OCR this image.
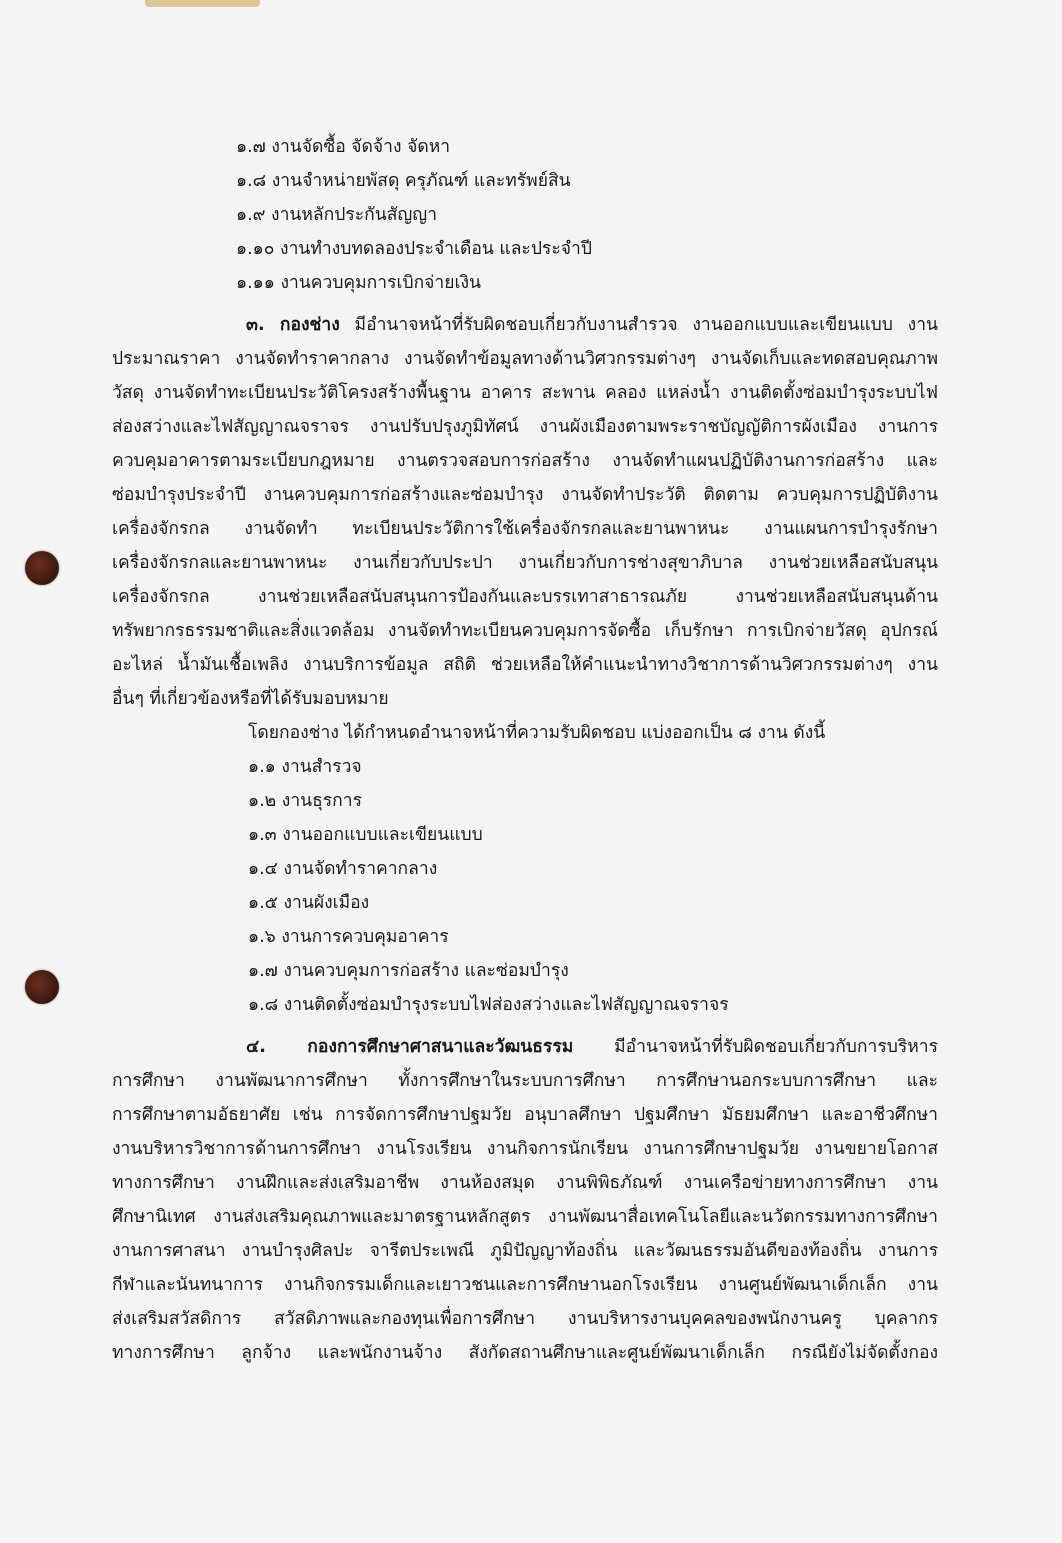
๑.๗ งานจัดซื้อ จัดจ้าง จัดหา
๑.๘ งานจำหน่ายพัสดุ ครุภัณฑ์ และทรัพย์สิน
๑.๙ งานหลักประกันสัญญา
๑.๑๐ งานทำงบทดลองประจำเดือน และประจำปี
๑.๑๑ งานควบคุมการเบิกจ่ายเงิน
๓. กองช่าง มีอำนาจหน้าที่รับผิดชอบเกี่ยวกับงานสำรวจ งานออกแบบและเขียนแบบ งาน
ประมาณราคา งานจัดทำราคากลาง งานจัดทำข้อมูลทางด้านวิศวกรรมต่างๆ งานจัดเก็บและทดสอบคุณภาพ
วัสดุ งานจัดทำทะเบียนประวัติโครงสร้างพื้นฐาน อาคาร สะพาน คลอง แหล่งน้ำ งานติดตั้งซ่อมบำรุงระบบไฟ
ส่องสว่างและไฟสัญญาณจราจร งานปรับปรุงภูมิทัศน์ งานผังเมืองตามพระราชบัญญัติการผังเมือง งานการ
ควบคุมอาคารตามระเบียบกฎหมาย งานตรวจสอบการก่อสร้าง งานจัดทำแผนปฏิบัติงานการก่อสร้าง และ
ซ่อมบำรุงประจำปี งานควบคุมการก่อสร้างและซ่อมบำรุง งานจัดทำประวัติ ติดตาม ควบคุมการปฏิบัติงาน
เครื่องจักรกล งานจัดทำ ทะเบียนประวัติการใช้เครื่องจักรกลและยานพาหนะ งานแผนการบำรุงรักษา
เครื่องจักรกลและยานพาหนะ งานเกี่ยวกับประปา งานเกี่ยวกับการช่างสุขาภิบาล งานช่วยเหลือสนับสนุน
เครื่องจักรกล งานช่วยเหลือสนับสนุนการป้องกันและบรรเทาสาธารณภัย งานช่วยเหลือสนับสนุนด้าน
ทรัพยากรธรรมชาติและสิ่งแวดล้อม งานจัดทำทะเบียนควบคุมการจัดซื้อ เก็บรักษา การเบิกจ่ายวัสดุ อุปกรณ์
อะไหล่ น้ำมันเชื้อเพลิง งานบริการข้อมูล สถิติ ช่วยเหลือให้คำแนะนำทางวิชาการด้านวิศวกรรมต่างๆ งาน
อื่นๆ ที่เกี่ยวข้องหรือที่ได้รับมอบหมาย
โดยกองช่าง ได้กำหนดอำนาจหน้าที่ความรับผิดชอบ แบ่งออกเป็น ๘ งาน ดังนี้
๑.๑ งานสำรวจ
๑.๒ งานธุรการ
๑.๓ งานออกแบบและเขียนแบบ
๑.๔ งานจัดทำราคากลาง
๑.๕ งานผังเมือง
๑.๖ งานการควบคุมอาคาร
๑.๗ งานควบคุมการก่อสร้าง และซ่อมบำรุง
๑.๘ งานติดตั้งซ่อมบำรุงระบบไฟส่องสว่างและไฟสัญญาณจราจร
๔. กองการศึกษาศาสนาและวัฒนธรรม มีอำนาจหน้าที่รับผิดชอบเกี่ยวกับการบริหาร
การศึกษา งานพัฒนาการศึกษา ทั้งการศึกษาในระบบการศึกษา การศึกษานอกระบบการศึกษา และ
การศึกษาตามอัธยาศัย เช่น การจัดการศึกษาปฐมวัย อนุบาลศึกษา ปฐมศึกษา มัธยมศึกษา และอาชีวศึกษา
งานบริหารวิชาการด้านการศึกษา งานโรงเรียน งานกิจการนักเรียน งานการศึกษาปฐมวัย งานขยายโอกาส
ทางการศึกษา งานฝึกและส่งเสริมอาชีพ งานห้องสมุด งานพิพิธภัณฑ์ งานเครือข่ายทางการศึกษา งาน
ศึกษานิเทศ งานส่งเสริมคุณภาพและมาตรฐานหลักสูตร งานพัฒนาสื่อเทคโนโลยีและนวัตกรรมทางการศึกษา
งานการศาสนา งานบำรุงศิลปะ จารีตประเพณี ภูมิปัญญาท้องถิ่น และวัฒนธรรมอันดีของท้องถิ่น งานการ
กีฬาและนันทนาการ งานกิจกรรมเด็กและเยาวชนและการศึกษานอกโรงเรียน งานศูนย์พัฒนาเด็กเล็ก งาน
ส่งเสริมสวัสดิการ สวัสดิภาพและกองทุนเพื่อการศึกษา งานบริหารงานบุคคลของพนักงานครู บุคลากร
ทางการศึกษา ลูกจ้าง และพนักงานจ้าง สังกัดสถานศึกษาและศูนย์พัฒนาเด็กเล็ก กรณียังไม่จัดตั้งกอง
